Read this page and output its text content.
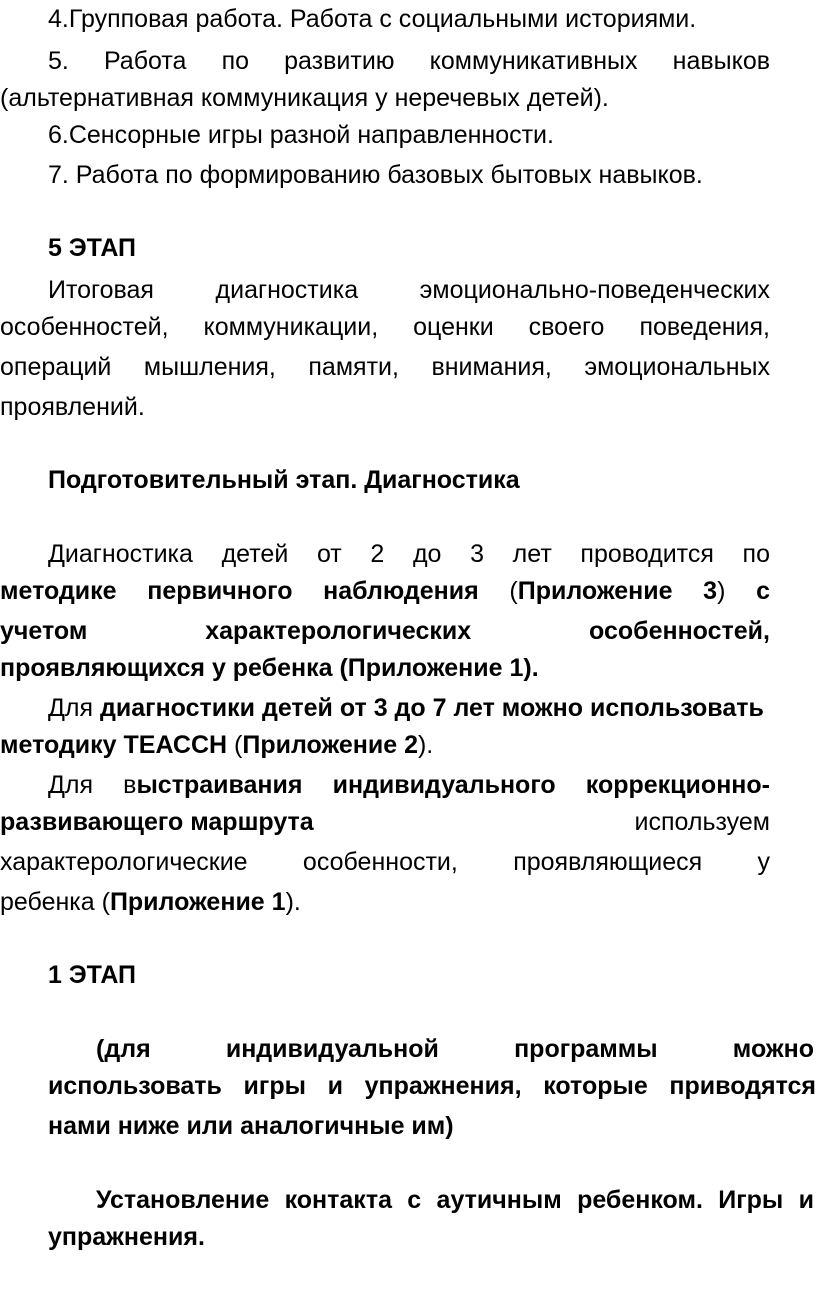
4.Групповая работа. Работа с социальными историями.

5. Работа по развитию коммуникативных навыков

(альтернативная коммуникация у неречевых детей).

6.Сенсорные игры разной направленности.

7. Работа по формированию базовых бытовых навыков.

5 ЭТАП

Итоговая диагностика эмоционально-поведенческих

особенностей, коммуникации, оценки своего поведения,

операций мышления, памяти, внимания, эмоциональных

проявлений.

Подготовительный этап. Диагностика

Диагностика детей от 2 до 3 лет проводится по

методике первичного наблюдения (Приложение 3) с

учетом характерологических особенностей,

проявляющихся у ребенка (Приложение 1).

Для диагностики детей от 3 до 7 лет можно использовать

методику ТЕАССН (Приложение 2).

Для выстраивания индивидуального коррекционно-

развивающего маршрута	используем

характерологические особенности, проявляющиеся у

ребенка (Приложение 1).

1 ЭТАП

(для индивидуальной программы можно

использовать игры и упражнения, которые приводятся

нами ниже или аналогичные им)

Установление контакта с аутичным ребенком. Игры и

упражнения.
